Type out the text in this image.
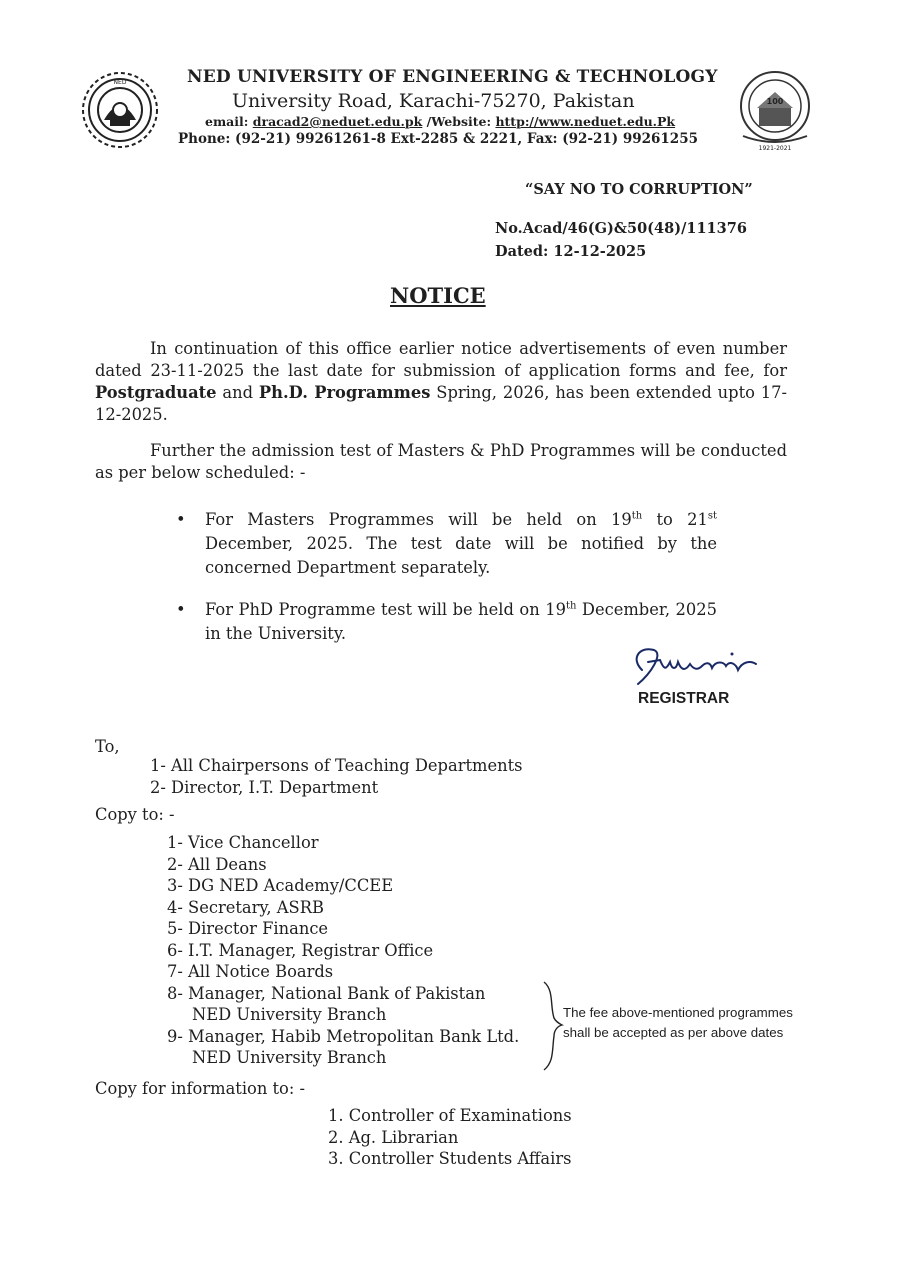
NED
100
1921-2021
NED UNIVERSITY OF ENGINEERING & TECHNOLOGY
University Road, Karachi-75270, Pakistan
email: dracad2@neduet.edu.pk /Website: http://www.neduet.edu.Pk
Phone: (92-21) 99261261-8 Ext-2285 & 2221, Fax: (92-21) 99261255
“SAY NO TO CORRUPTION”
No.Acad/46(G)&50(48)/111376
Dated: 12-12-2025
NOTICE
In continuation of this office earlier notice advertisements of even number dated 23-11-2025 the last date for submission of application forms and fee, for Postgraduate and Ph.D. Programmes Spring, 2026, has been extended upto 17-12-2025.
Further the admission test of Masters & PhD Programmes will be conducted as per below scheduled: -
• For Masters Programmes will be held on 19th to 21st December, 2025. The test date will be notified by the concerned Department separately.
• For PhD Programme test will be held on 19th December, 2025 in the University.
REGISTRAR
To,
1- All Chairpersons of Teaching Departments
2- Director, I.T. Department
Copy to: -
1- Vice Chancellor
2- All Deans
3- DG NED Academy/CCEE
4- Secretary, ASRB
5- Director Finance
6- I.T. Manager, Registrar Office
7- All Notice Boards
8- Manager, National Bank of Pakistan
NED University Branch
9- Manager, Habib Metropolitan Bank Ltd.
NED University Branch
The fee above-mentioned programmes
shall be accepted as per above dates
Copy for information to: -
1. Controller of Examinations
2. Ag. Librarian
3. Controller Students Affairs
